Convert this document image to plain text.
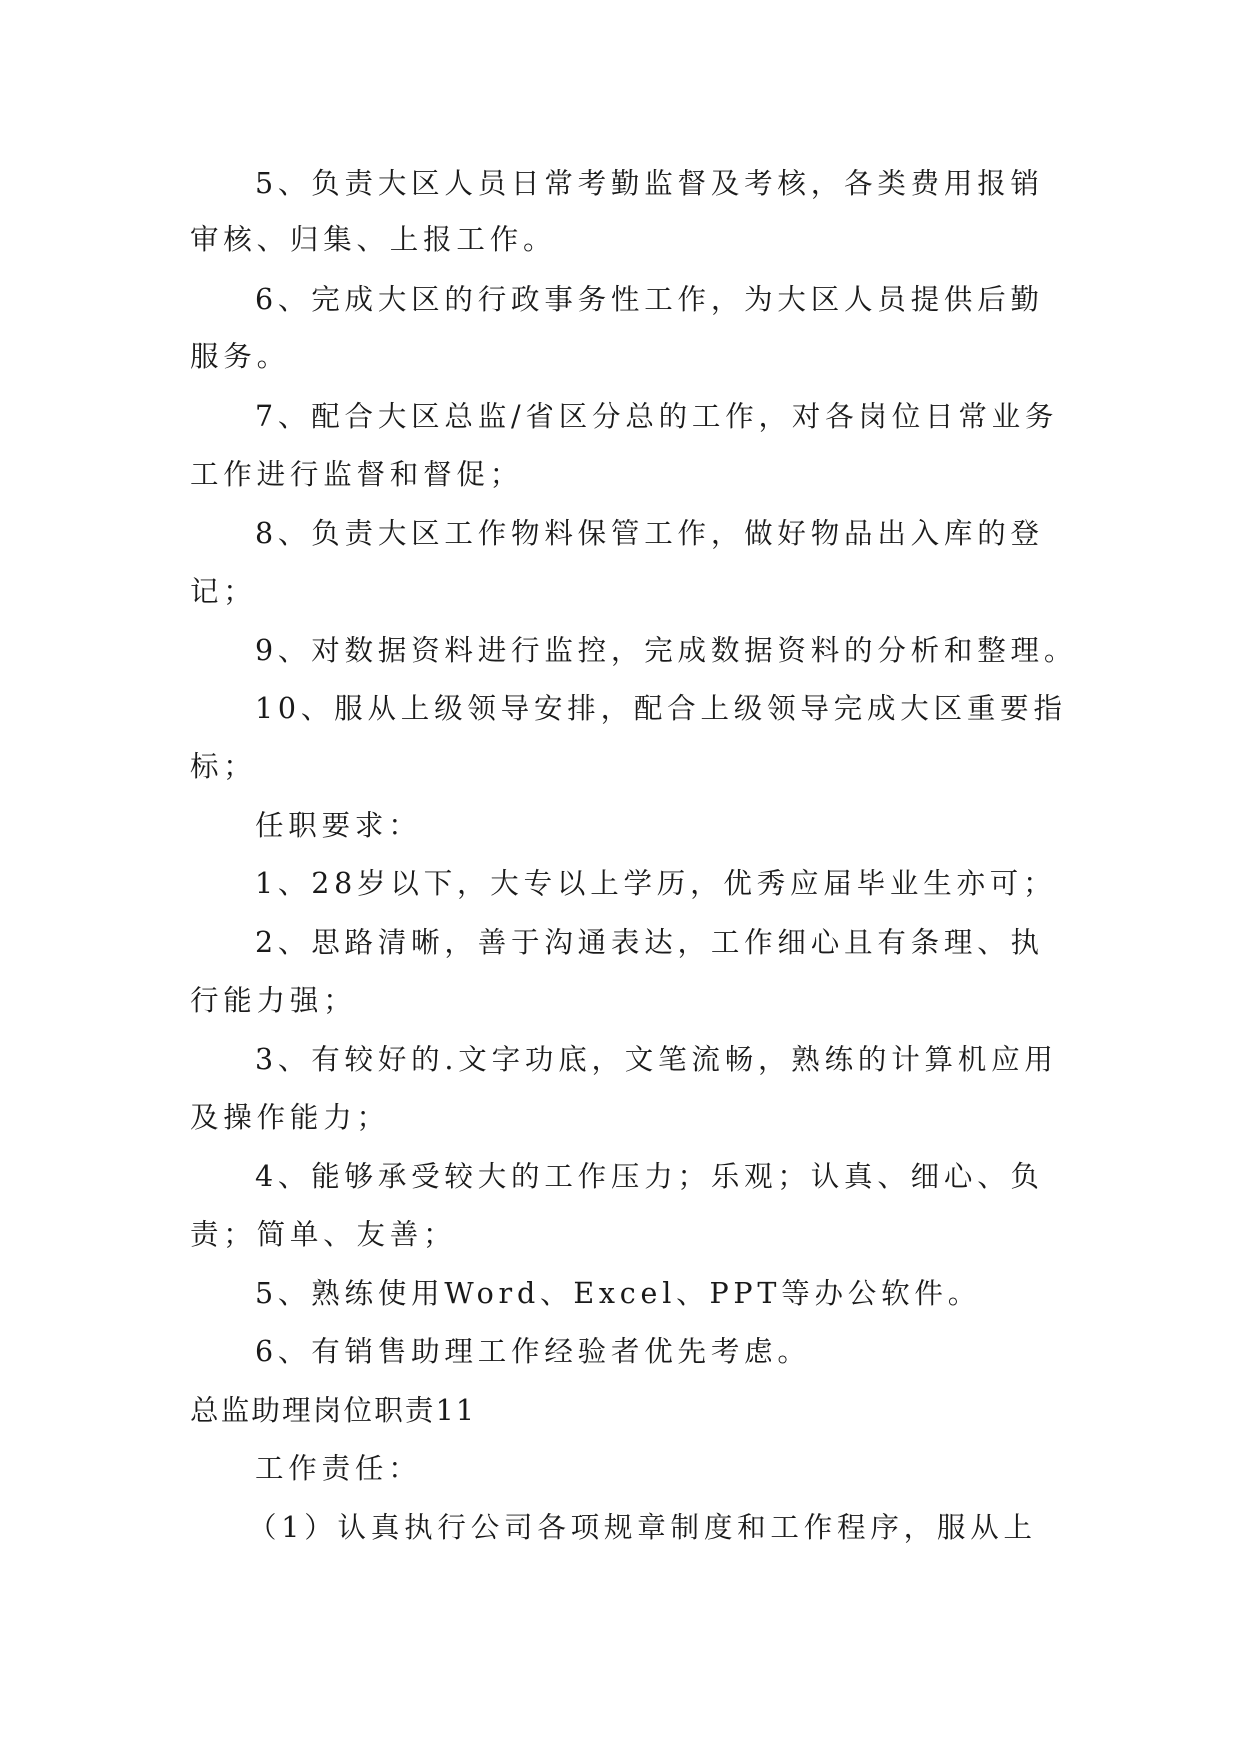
5、负责大区人员日常考勤监督及考核，各类费用报销
审核、归集、上报工作。
6、完成大区的行政事务性工作，为大区人员提供后勤
服务。
7、配合大区总监/省区分总的工作，对各岗位日常业务
工作进行监督和督促；
8、负责大区工作物料保管工作，做好物品出入库的登
记；
9、对数据资料进行监控，完成数据资料的分析和整理。
10、服从上级领导安排，配合上级领导完成大区重要指
标；
任职要求：
1、28岁以下，大专以上学历，优秀应届毕业生亦可；
2、思路清晰，善于沟通表达，工作细心且有条理、执
行能力强；
3、有较好的.文字功底，文笔流畅，熟练的计算机应用
及操作能力；
4、能够承受较大的工作压力；乐观；认真、细心、负
责；简单、友善；
5、熟练使用Word、Excel、PPT等办公软件。
6、有销售助理工作经验者优先考虑。
总监助理岗位职责11
工作责任：
（1）认真执行公司各项规章制度和工作程序，服从上
